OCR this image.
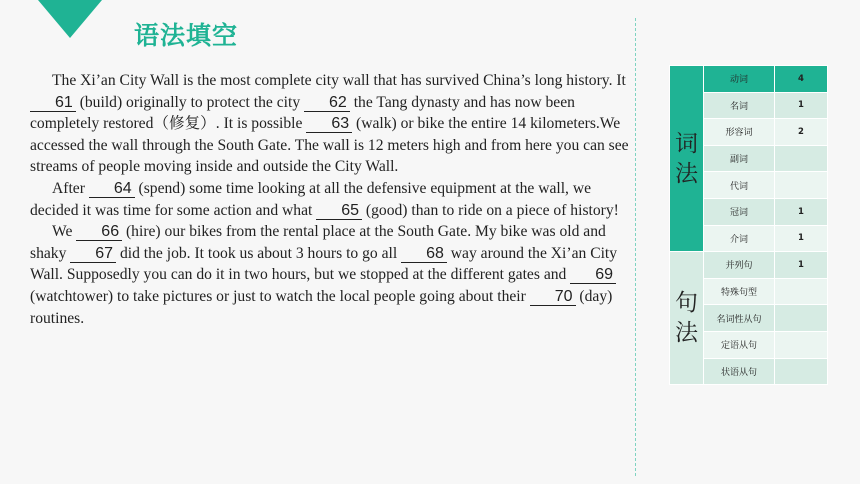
语法填空

The Xi’an City Wall is the most complete city wall that has survived China’s long history. It 61 (build) originally to protect the city 62 the Tang dynasty and has now been completely restored（修复）. It is possible 63 (walk) or bike the entire 14 kilometers.We accessed the wall through the South Gate. The wall is 12 meters high and from here you can see streams of people moving inside and outside the City Wall.

After 64 (spend) some time looking at all the defensive equipment at the wall, we decided it was time for some action and what 65 (good) than to ride on a piece of history!

We 66 (hire) our bikes from the rental place at the South Gate. My bike was old and shaky 67 did the job. It took us about 3 hours to go all 68 way around the Xi’an City Wall. Supposedly you can do it in two hours, but we stopped at the different gates and 69 (watchtower) to take pictures or just to watch the local people going about their 70 (day) routines.

词法	动词	4
	名词	1
	形容词	2
	副词	
	代词	
	冠词	1
	介词	1
句法	并列句	1
	特殊句型	
	名词性从句	
	定语从句	
	状语从句	
